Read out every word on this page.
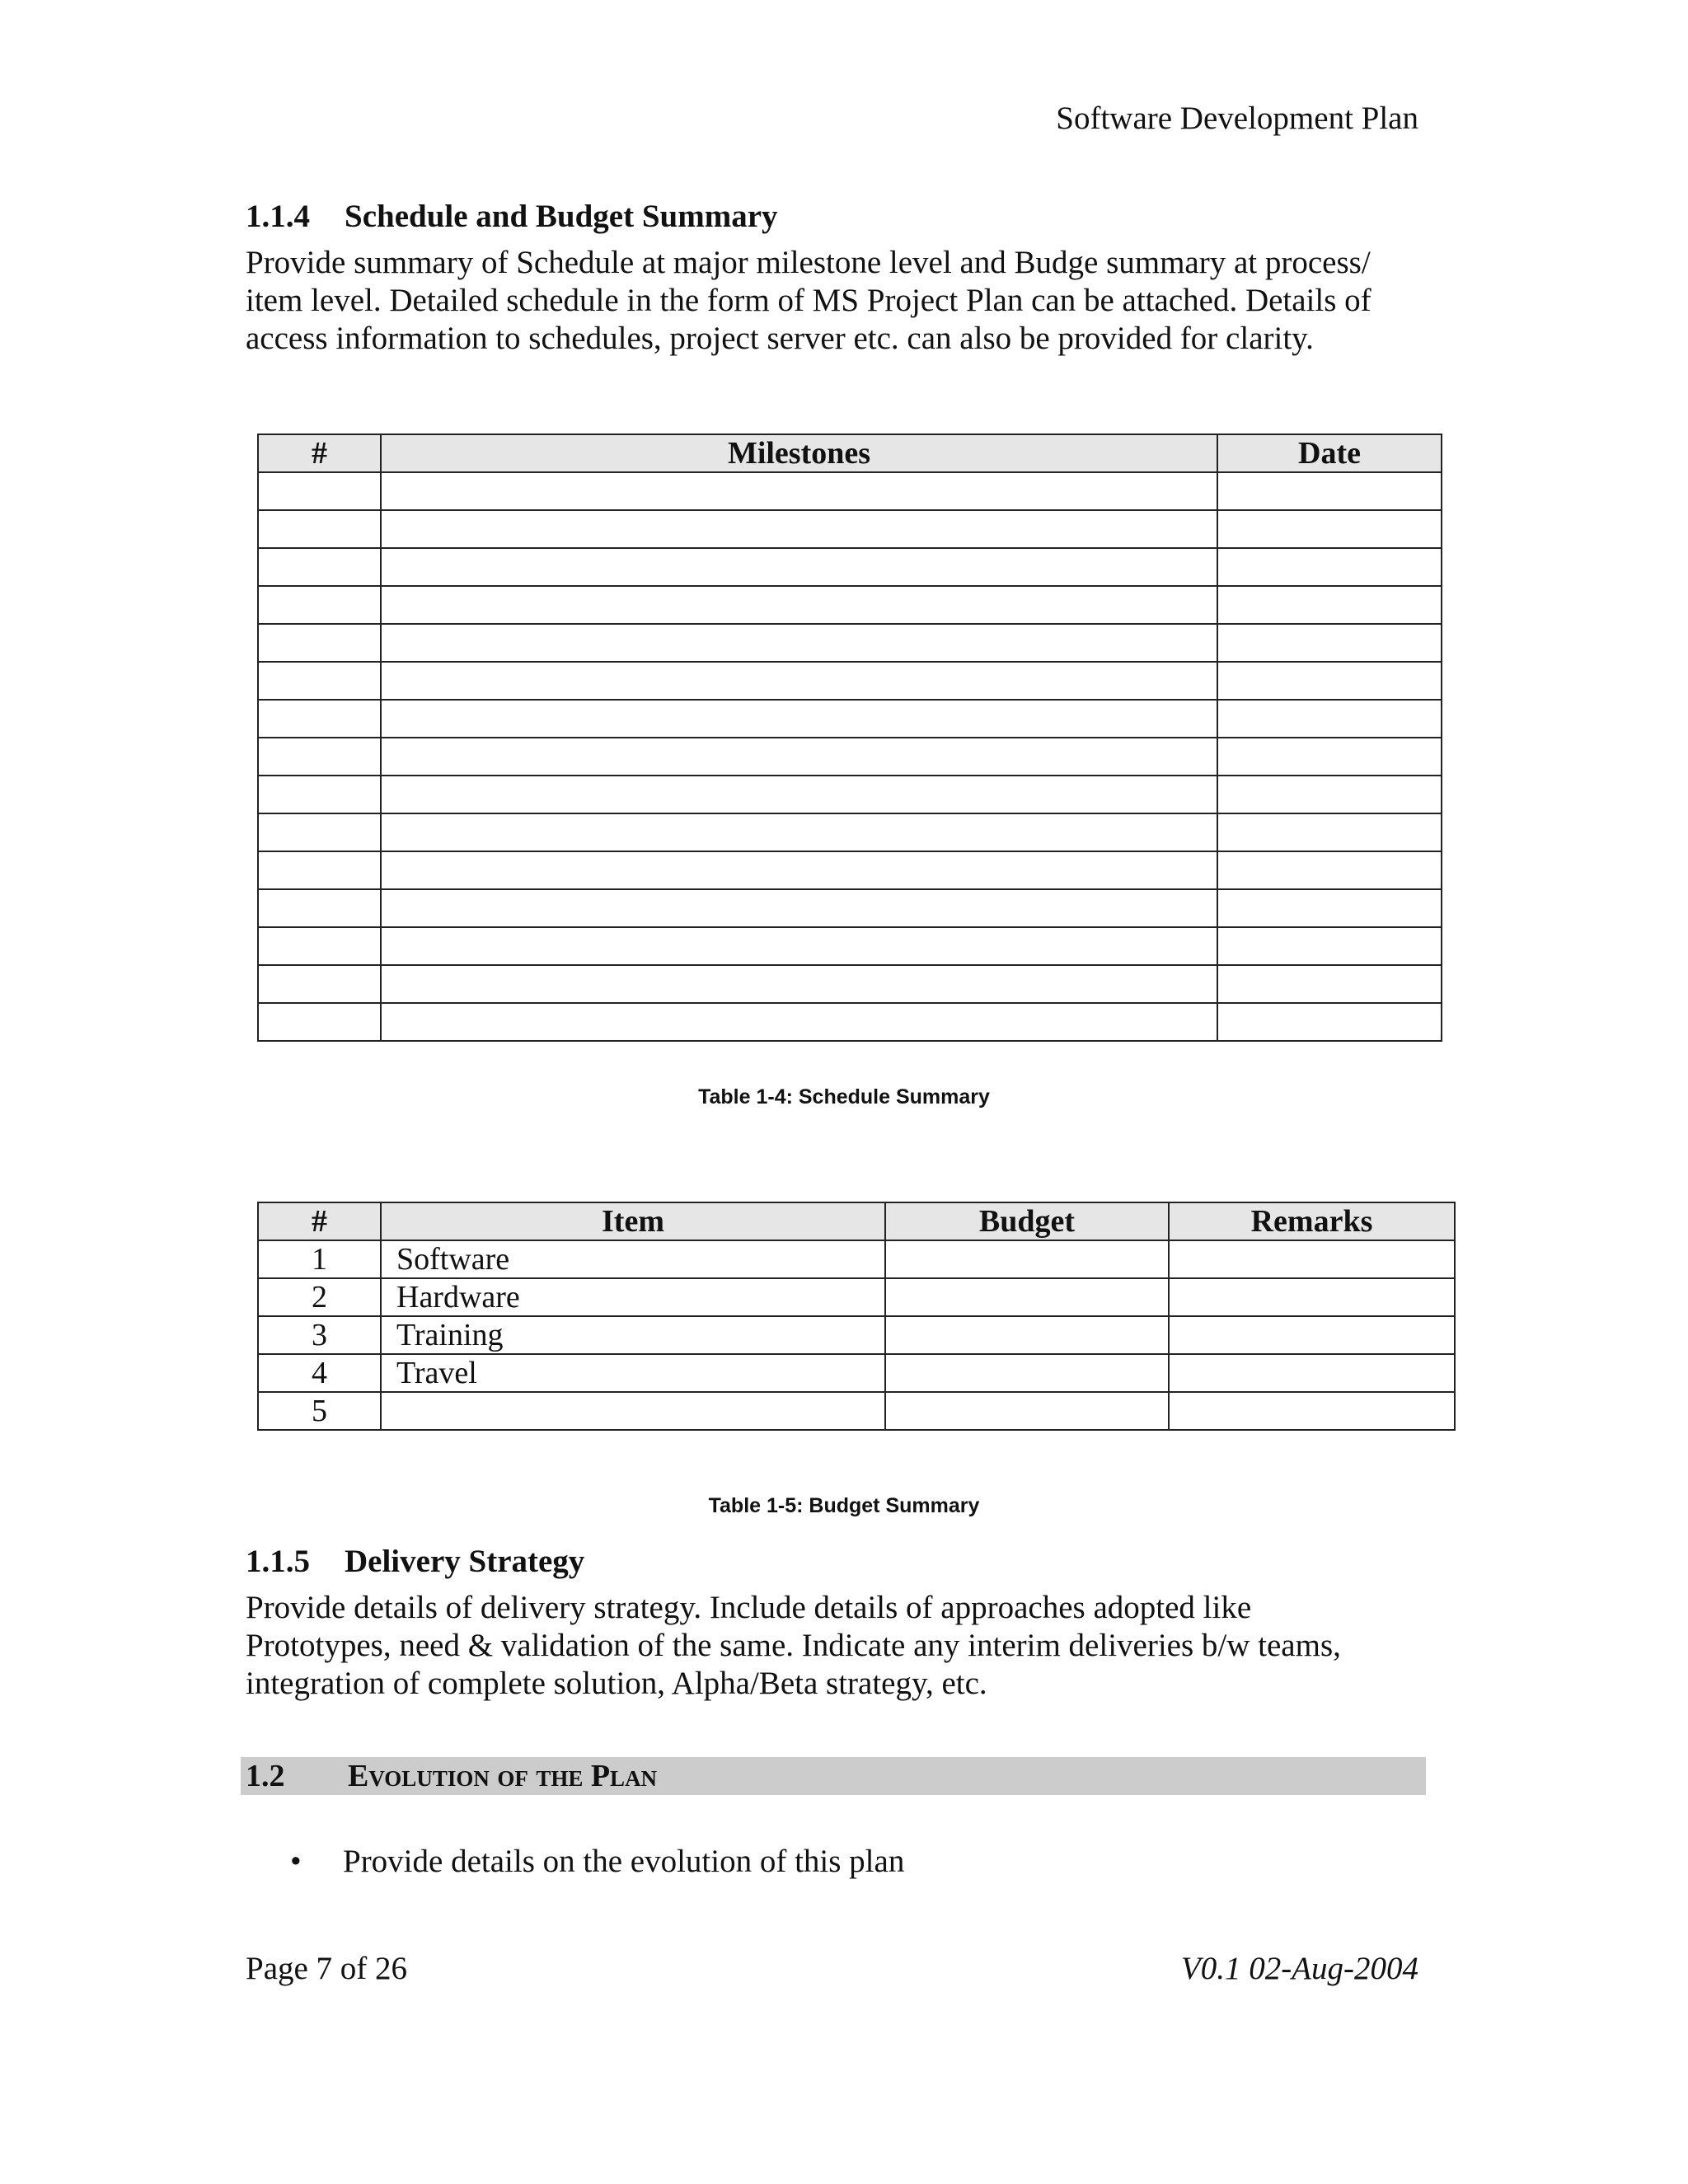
Software Development Plan
1.1.4 Schedule and Budget Summary
Provide summary of Schedule at major milestone level and Budge summary at process/
item level. Detailed schedule in the form of MS Project Plan can be attached. Details of
access information to schedules, project server etc. can also be provided for clarity.
#	Milestones	Date

Table 1-4: Schedule Summary
#	Item	Budget	Remarks
1	Software		
2	Hardware		
3	Training		
4	Travel		
5			
Table 1-5: Budget Summary
1.1.5 Delivery Strategy
Provide details of delivery strategy. Include details of approaches adopted like
Prototypes, need & validation of the same. Indicate any interim deliveries b/w teams,
integration of complete solution, Alpha/Beta strategy, etc.
1.2 Evolution of the Plan
• Provide details on the evolution of this plan
Page 7 of 26	V0.1 02-Aug-2004
